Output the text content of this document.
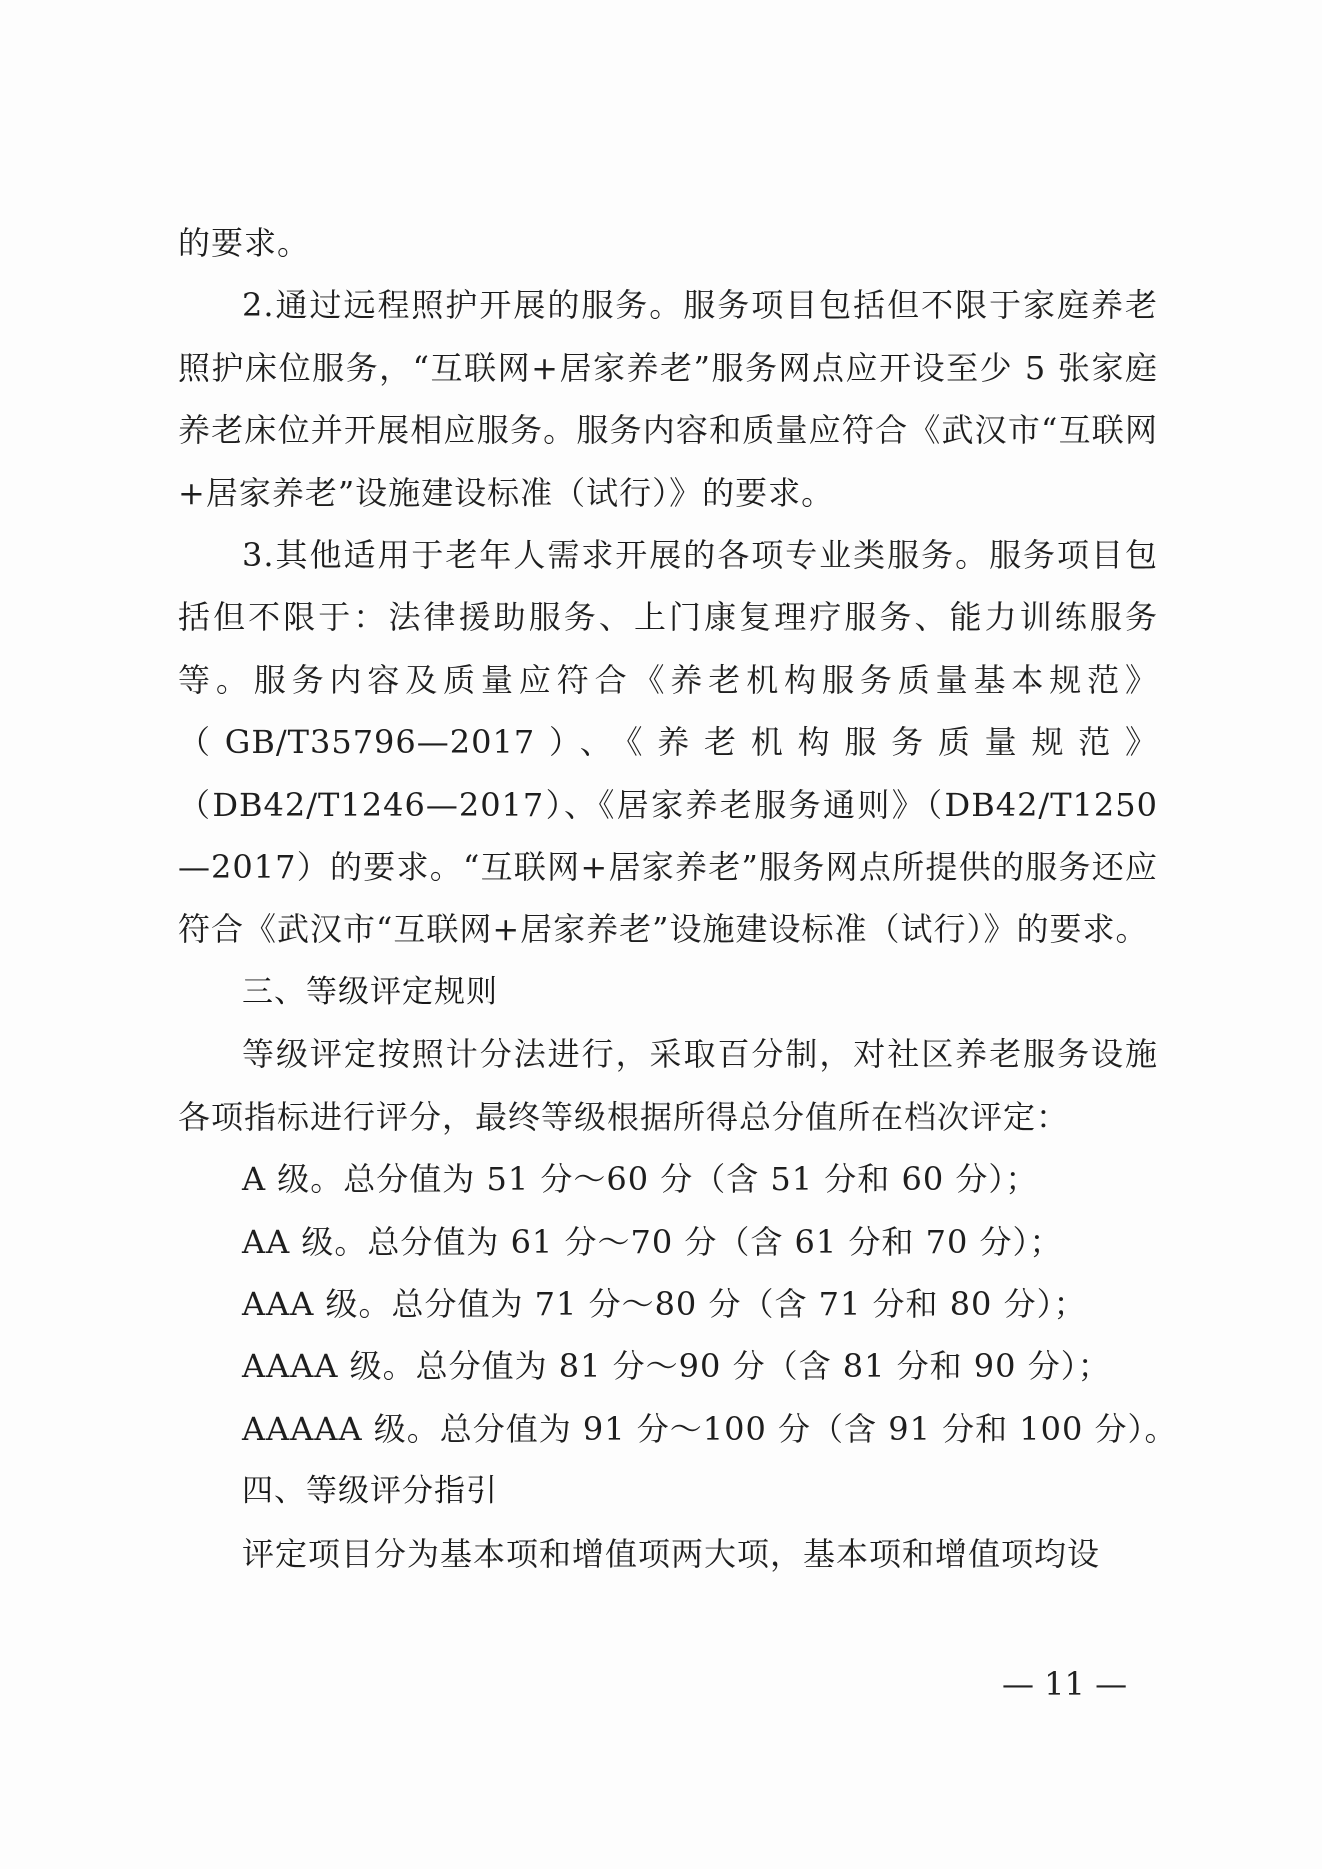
的要求。

2.通过远程照护开展的服务。服务项目包括但不限于家庭养老照护床位服务，“互联网+居家养老”服务网点应开设至少 5 张家庭养老床位并开展相应服务。服务内容和质量应符合《武汉市“互联网+居家养老”设施建设标准（试行）》的要求。

3.其他适用于老年人需求开展的各项专业类服务。服务项目包括但不限于：法律援助服务、上门康复理疗服务、能力训练服务等。服务内容及质量应符合《养老机构服务质量基本规范》（GB/T35796—2017）、《养老机构服务质量规范》（DB42/T1246—2017）、《居家养老服务通则》（DB42/T1250—2017）的要求。“互联网+居家养老”服务网点所提供的服务还应符合《武汉市“互联网+居家养老”设施建设标准（试行）》的要求。

三、等级评定规则

等级评定按照计分法进行，采取百分制，对社区养老服务设施各项指标进行评分，最终等级根据所得总分值所在档次评定：

A 级。总分值为 51 分～60 分（含 51 分和 60 分）；

AA 级。总分值为 61 分～70 分（含 61 分和 70 分）；

AAA 级。总分值为 71 分～80 分（含 71 分和 80 分）；

AAAA 级。总分值为 81 分～90 分（含 81 分和 90 分）；

AAAAA 级。总分值为 91 分～100 分（含 91 分和 100 分）。

四、等级评分指引

评定项目分为基本项和增值项两大项，基本项和增值项均设

— 11 —
